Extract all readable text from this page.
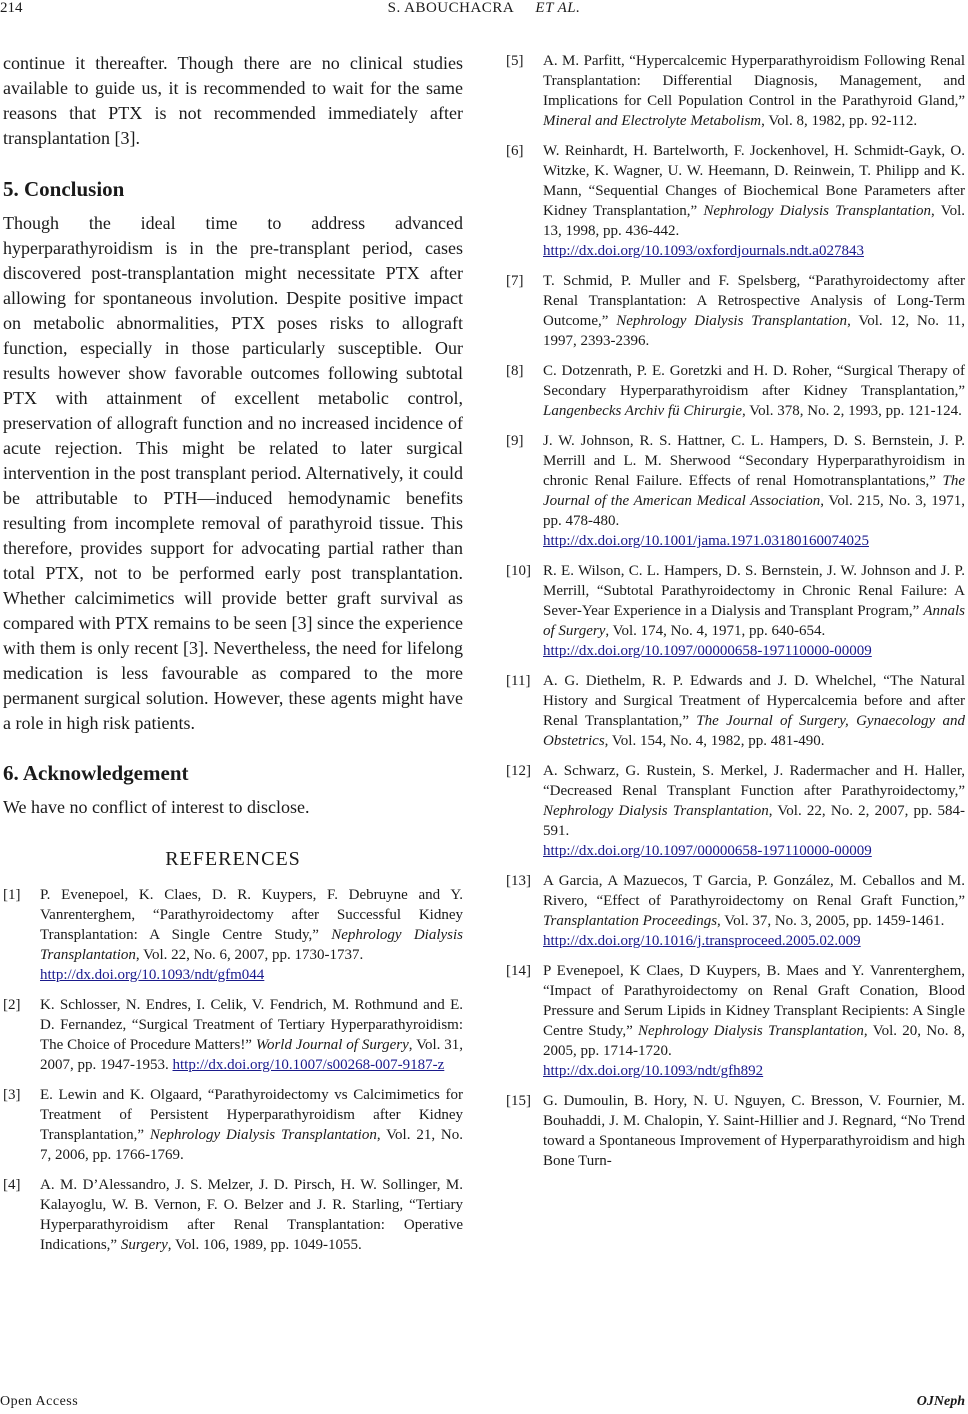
214	S. ABOUCHACRA ET AL.

continue it thereafter. Though there are no clinical studies available to guide us, it is recommended to wait for the same reasons that PTX is not recommended immediately after transplantation [3].

5. Conclusion

Though the ideal time to address advanced hyperparathyroidism is in the pre-transplant period, cases discovered post-transplantation might necessitate PTX after allowing for spontaneous involution. Despite positive impact on metabolic abnormalities, PTX poses risks to allograft function, especially in those particularly susceptible. Our results however show favorable outcomes following subtotal PTX with attainment of excellent metabolic control, preservation of allograft function and no increased incidence of acute rejection. This might be related to later surgical intervention in the post transplant period. Alternatively, it could be attributable to PTH—induced hemodynamic benefits resulting from incomplete removal of parathyroid tissue. This therefore, provides support for advocating partial rather than total PTX, not to be performed early post transplantation. Whether calcimimetics will provide better graft survival as compared with PTX remains to be seen [3] since the experience with them is only recent [3]. Nevertheless, the need for lifelong medication is less favourable as compared to the more permanent surgical solution. However, these agents might have a role in high risk patients.

6. Acknowledgement

We have no conflict of interest to disclose.

REFERENCES
[1]	P. Evenepoel, K. Claes, D. R. Kuypers, F. Debruyne and Y. Vanrenterghem, “Parathyroidectomy after Successful Kidney Transplantation: A Single Centre Study,” Nephrology Dialysis Transplantation, Vol. 22, No. 6, 2007, pp. 1730-1737.
http://dx.doi.org/10.1093/ndt/gfm044
[2]	K. Schlosser, N. Endres, I. Celik, V. Fendrich, M. Rothmund and E. D. Fernandez, “Surgical Treatment of Tertiary Hyperparathyroidism: The Choice of Procedure Matters!” World Journal of Surgery, Vol. 31, 2007, pp. 1947-1953. http://dx.doi.org/10.1007/s00268-007-9187-z
[3]	E. Lewin and K. Olgaard, “Parathyroidectomy vs Calcimimetics for Treatment of Persistent Hyperparathyroidism after Kidney Transplantation,” Nephrology Dialysis Transplantation, Vol. 21, No. 7, 2006, pp. 1766-1769.
[4]	A. M. D’Alessandro, J. S. Melzer, J. D. Pirsch, H. W. Sollinger, M. Kalayoglu, W. B. Vernon, F. O. Belzer and J. R. Starling, “Tertiary Hyperparathyroidism after Renal Transplantation: Operative Indications,” Surgery, Vol. 106, 1989, pp. 1049-1055.
[5]	A. M. Parfitt, “Hypercalcemic Hyperparathyroidism Following Renal Transplantation: Differential Diagnosis, Management, and Implications for Cell Population Control in the Parathyroid Gland,” Mineral and Electrolyte Metabolism, Vol. 8, 1982, pp. 92-112.
[6]	W. Reinhardt, H. Bartelworth, F. Jockenhovel, H. Schmidt-Gayk, O. Witzke, K. Wagner, U. W. Heemann, D. Reinwein, T. Philipp and K. Mann, “Sequential Changes of Biochemical Bone Parameters after Kidney Transplantation,” Nephrology Dialysis Transplantation, Vol. 13, 1998, pp. 436-442.
http://dx.doi.org/10.1093/oxfordjournals.ndt.a027843
[7]	T. Schmid, P. Muller and F. Spelsberg, “Parathyroidectomy after Renal Transplantation: A Retrospective Analysis of Long-Term Outcome,” Nephrology Dialysis Transplantation, Vol. 12, No. 11, 1997, 2393-2396.
[8]	C. Dotzenrath, P. E. Goretzki and H. D. Roher, “Surgical Therapy of Secondary Hyperparathyroidism after Kidney Transplantation,” Langenbecks Archiv fü Chirurgie, Vol. 378, No. 2, 1993, pp. 121-124.
[9]	J. W. Johnson, R. S. Hattner, C. L. Hampers, D. S. Bernstein, J. P. Merrill and L. M. Sherwood “Secondary Hyperparathyroidism in chronic Renal Failure. Effects of renal Homotransplantations,” The Journal of the American Medical Association, Vol. 215, No. 3, 1971, pp. 478-480.
http://dx.doi.org/10.1001/jama.1971.03180160074025
[10] R. E. Wilson, C. L. Hampers, D. S. Bernstein, J. W. Johnson and J. P. Merrill, “Subtotal Parathyroidectomy in Chronic Renal Failure: A Sever-Year Experience in a Dialysis and Transplant Program,” Annals of Surgery, Vol. 174, No. 4, 1971, pp. 640-654.
http://dx.doi.org/10.1097/00000658-197110000-00009
[11] A. G. Diethelm, R. P. Edwards and J. D. Whelchel, “The Natural History and Surgical Treatment of Hypercalcemia before and after Renal Transplantation,” The Journal of Surgery, Gynaecology and Obstetrics, Vol. 154, No. 4, 1982, pp. 481-490.
[12] A. Schwarz, G. Rustein, S. Merkel, J. Radermacher and H. Haller, “Decreased Renal Transplant Function after Parathyroidectomy,” Nephrology Dialysis Transplantation, Vol. 22, No. 2, 2007, pp. 584-591.
http://dx.doi.org/10.1097/00000658-197110000-00009
[13] A Garcia, A Mazuecos, T Garcia, P. González, M. Ceballos and M. Rivero, “Effect of Parathyroidectomy on Renal Graft Function,” Transplantation Proceedings, Vol. 37, No. 3, 2005, pp. 1459-1461.
http://dx.doi.org/10.1016/j.transproceed.2005.02.009
[14] P Evenepoel, K Claes, D Kuypers, B. Maes and Y. Vanrenterghem, “Impact of Parathyroidectomy on Renal Graft Conation, Blood Pressure and Serum Lipids in Kidney Transplant Recipients: A Single Centre Study,” Nephrology Dialysis Transplantation, Vol. 20, No. 8, 2005, pp. 1714-1720.
http://dx.doi.org/10.1093/ndt/gfh892
[15] G. Dumoulin, B. Hory, N. U. Nguyen, C. Bresson, V. Fournier, M. Bouhaddi, J. M. Chalopin, Y. Saint-Hillier and J. Regnard, “No Trend toward a Spontaneous Improvement of Hyperparathyroidism and high Bone Turn-
Open Access	OJNeph
